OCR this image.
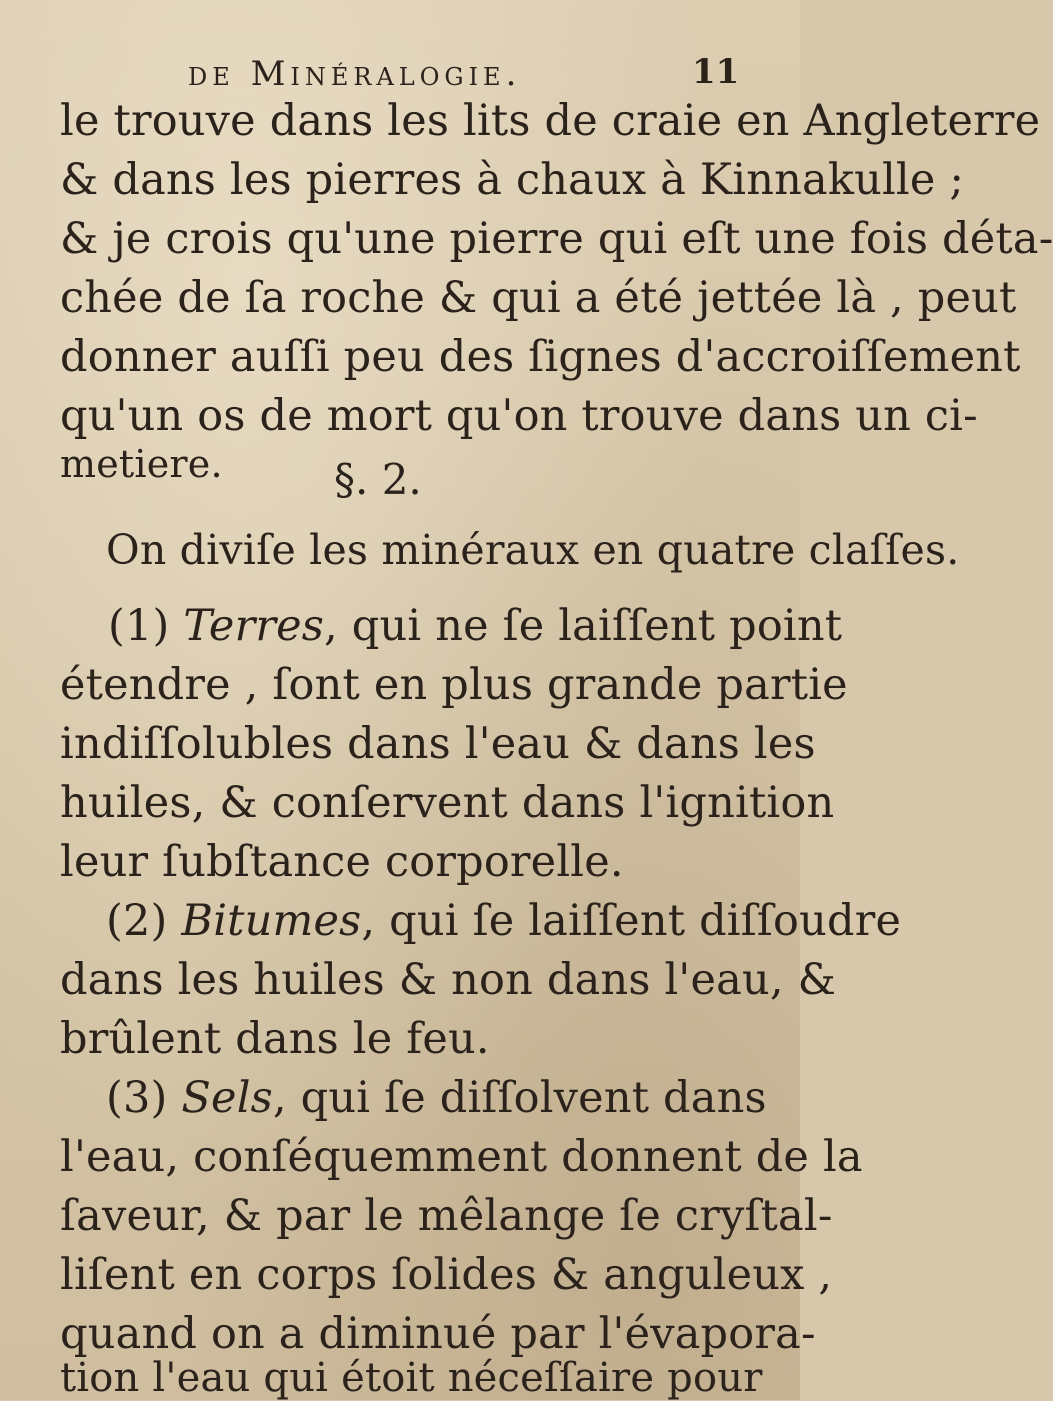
de Minéralogie.	11
le trouve dans les lits de craie en Angleterre
& dans les pierres à chaux à Kinnakulle ;
& je crois qu'une pierre qui eſt une fois déta-
chée de ſa roche & qui a été jettée là , peut
donner auſſi peu des ſignes d'accroiſſement
qu'un os de mort qu'on trouve dans un ci-
metiere.	§. 2.
On diviſe les minéraux en quatre claſſes.
(1) Terres, qui ne ſe laiſſent point
étendre , ſont en plus grande partie
indiſſolubles dans l'eau & dans les
huiles, & conſervent dans l'ignition
leur ſubſtance corporelle.
(2) Bitumes, qui ſe laiſſent diſſoudre
dans les huiles & non dans l'eau, &
brûlent dans le feu.
(3) Sels, qui ſe diſſolvent dans
l'eau, conſéquemment donnent de la
ſaveur, & par le mêlange ſe cryſtal-
liſent en corps ſolides & anguleux ,
quand on a diminué par l'évapora-
tion l'eau qui étoit néceſſaire pour
